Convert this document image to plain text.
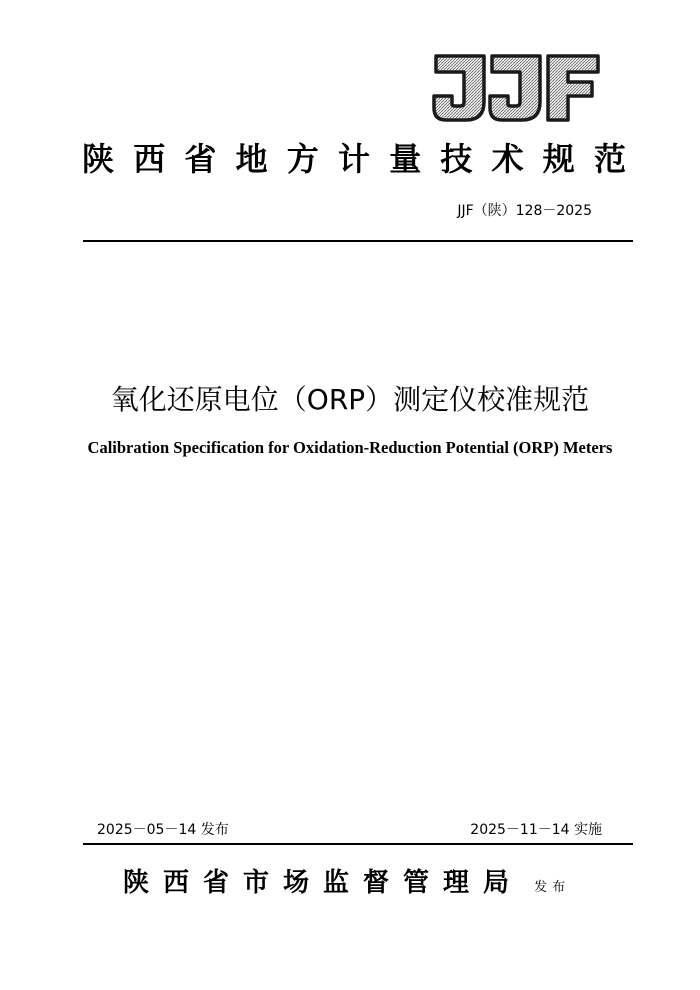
陕西省地方计量技术规范
JJF（陕）128－2025
氧化还原电位（ORP）测定仪校准规范
Calibration Specification for Oxidation-Reduction Potential (ORP) Meters
2025－05－14 发布	2025－11－14 实施
陕西省市场监督管理局 发布
